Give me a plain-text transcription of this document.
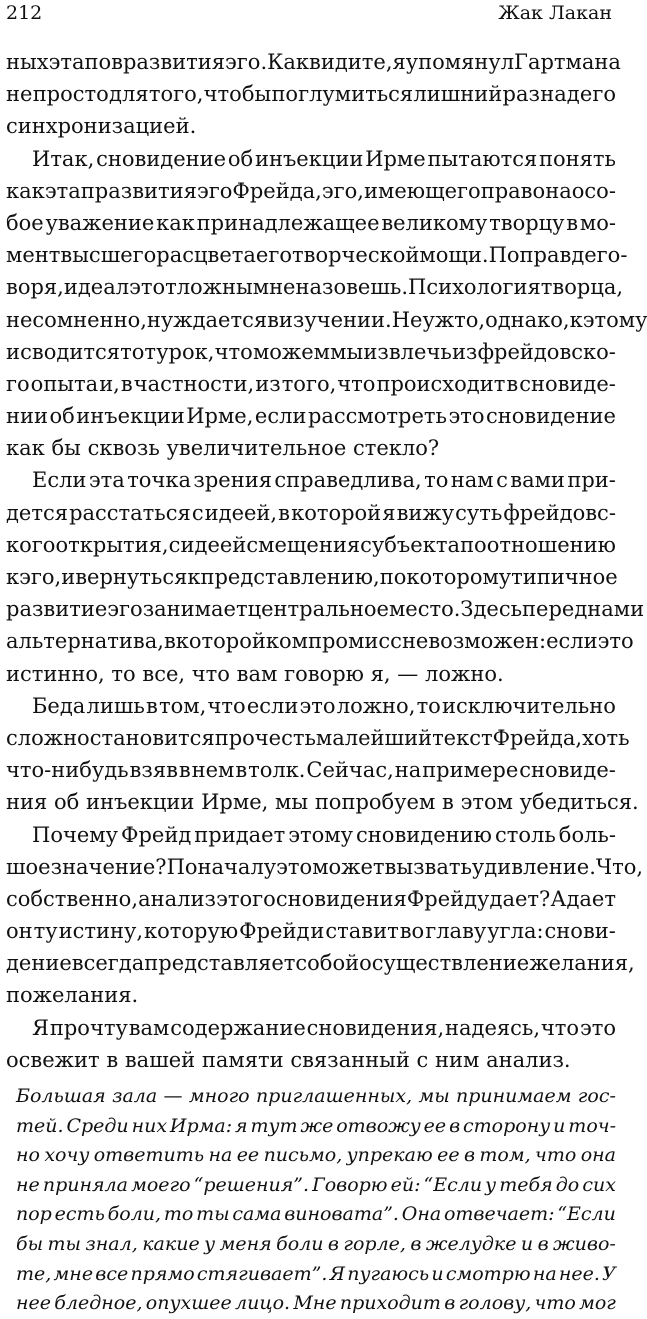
212	Жак Лакан
ных этапов развития эго. Как видите, я упомянул Гартмана
не просто для того, чтобы поглумиться лишний раз над его
синхронизацией.
Итак, сновидение об инъекции Ирме пытаются понять
как этап развития эго Фрейда, эго, имеющего право на осо-
бое уважение как принадлежащее великому творцу в мо-
мент высшего расцвета его творческой мощи. По правде го-
воря, идеал этот ложным не назовешь. Психология творца,
несомненно, нуждается в изучении. Неужто, однако, к этому
и сводится тот урок, что можем мы извлечь из фрейдовско-
го опыта и, в частности, из того, что происходит в сновиде-
нии об инъекции Ирме, если рассмотреть это сновидение
как бы сквозь увеличительное стекло?
Если эта точка зрения справедлива, то нам с вами при-
дется расстаться с идеей, в которой я вижу суть фрейдовс-
кого открытия, с идеей смещения субъекта по отношению
к эго, и вернуться к представлению, по которому типичное
развитие эго занимает центральное место. Здесь перед нами
альтернатива, в которой компромисс невозможен: если это
истинно, то все, что вам говорю я, — ложно.
Беда лишь в том, что если это ложно, то исключительно
сложно становится прочесть малейший текст Фрейда, хоть
что-нибудь взяв в нем в толк. Сейчас, на примере сновиде-
ния об инъекции Ирме, мы попробуем в этом убедиться.
Почему Фрейд придает этому сновидению столь боль-
шое значение? Поначалу это может вызвать удивление. Что,
собственно, анализ этого сновидения Фрейду дает? А дает
он ту истину, которую Фрейд и ставит во главу угла: снови-
дение всегда представляет собой осуществление желания,
пожелания.
Я прочту вам содержание сновидения, надеясь, что это
освежит в вашей памяти связанный с ним анализ.
Большая зала — много приглашенных, мы принимаем гос-
тей. Среди них Ирма: я тут же отвожу ее в сторону и точ-
но хочу ответить на ее письмо, упрекаю ее в том, что она
не приняла моего “решения”. Говорю ей: “Если у тебя до сих
пор есть боли, то ты сама виновата”. Она отвечает: “Если
бы ты знал, какие у меня боли в горле, в желудке и в живо-
те, мне все прямо стягивает”. Я пугаюсь и смотрю на нее. У
нее бледное, опухшее лицо. Мне приходит в голову, что мог
